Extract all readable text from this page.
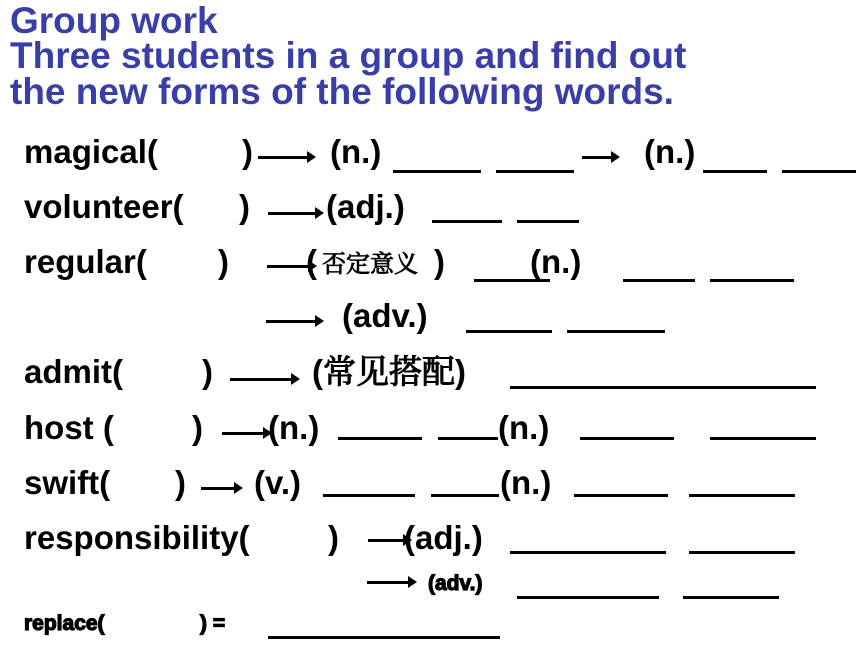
Group work
Three students in a group and find out
the new forms of the following words.
magical(	) (n.)	(n.)
volunteer( ) (adj.)
regular( ) ( 否定意义 )	(n.)
(adv.)
admit( )	(常见搭配)
host ( ) (n.)	(n.)
swift( ) (v.)	(n.)
responsibility( ) (adj.)
(adv.)
replace(	) =
